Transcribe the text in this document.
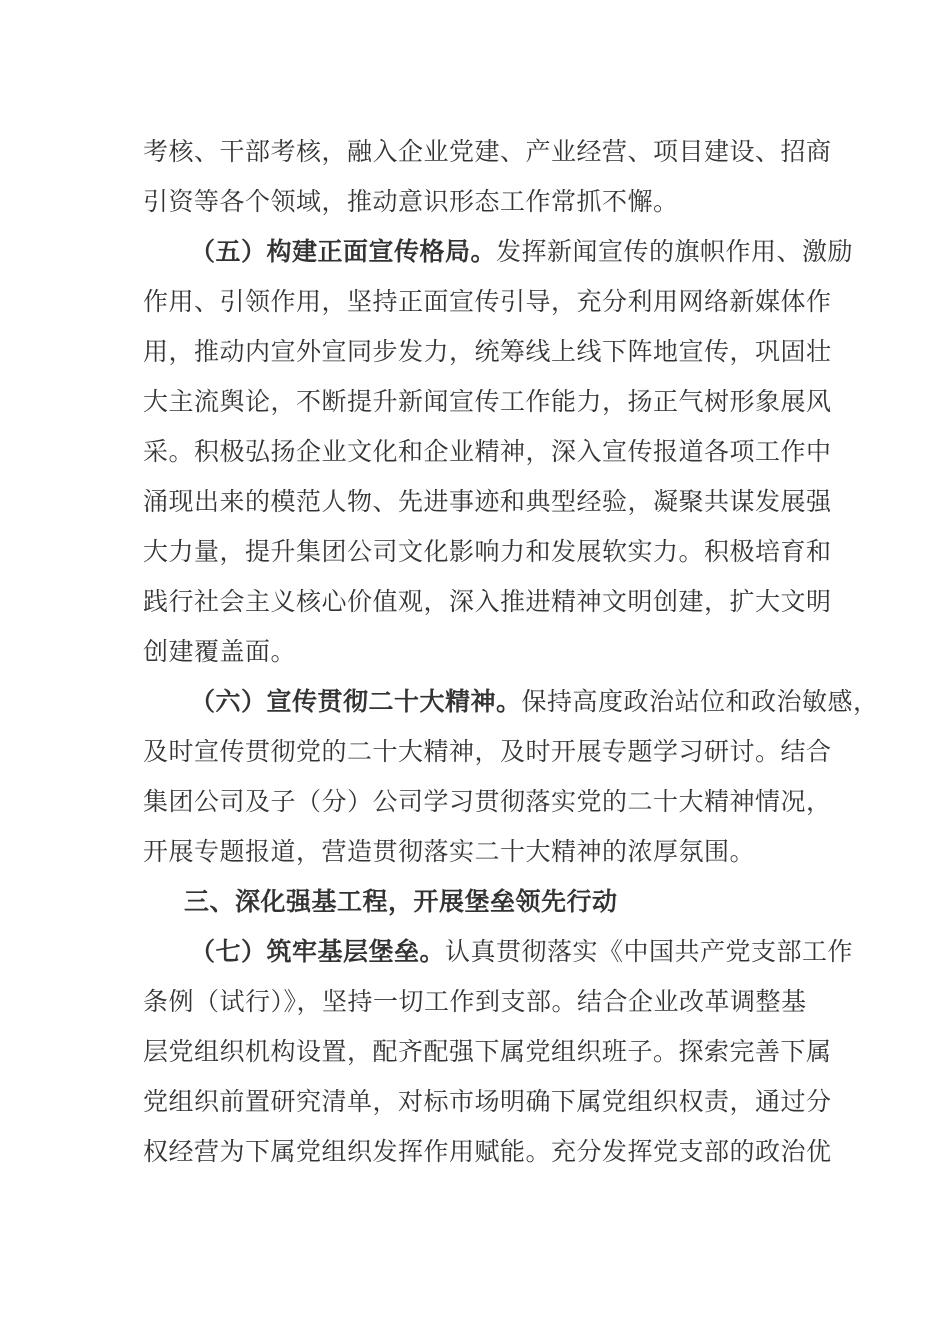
考核、干部考核，融入企业党建、产业经营、项目建设、招商
引资等各个领域，推动意识形态工作常抓不懈。
（五）构建正面宣传格局。发挥新闻宣传的旗帜作用、激励
作用、引领作用，坚持正面宣传引导，充分利用网络新媒体作
用，推动内宣外宣同步发力，统筹线上线下阵地宣传，巩固壮
大主流舆论，不断提升新闻宣传工作能力，扬正气树形象展风
采。积极弘扬企业文化和企业精神，深入宣传报道各项工作中
涌现出来的模范人物、先进事迹和典型经验，凝聚共谋发展强
大力量，提升集团公司文化影响力和发展软实力。积极培育和
践行社会主义核心价值观，深入推进精神文明创建，扩大文明
创建覆盖面。
（六）宣传贯彻二十大精神。保持高度政治站位和政治敏感，
及时宣传贯彻党的二十大精神，及时开展专题学习研讨。结合
集团公司及子（分）公司学习贯彻落实党的二十大精神情况，
开展专题报道，营造贯彻落实二十大精神的浓厚氛围。
三、深化强基工程，开展堡垒领先行动
（七）筑牢基层堡垒。认真贯彻落实《中国共产党支部工作
条例（试行）》，坚持一切工作到支部。结合企业改革调整基
层党组织机构设置，配齐配强下属党组织班子。探索完善下属
党组织前置研究清单，对标市场明确下属党组织权责，通过分
权经营为下属党组织发挥作用赋能。充分发挥党支部的政治优
